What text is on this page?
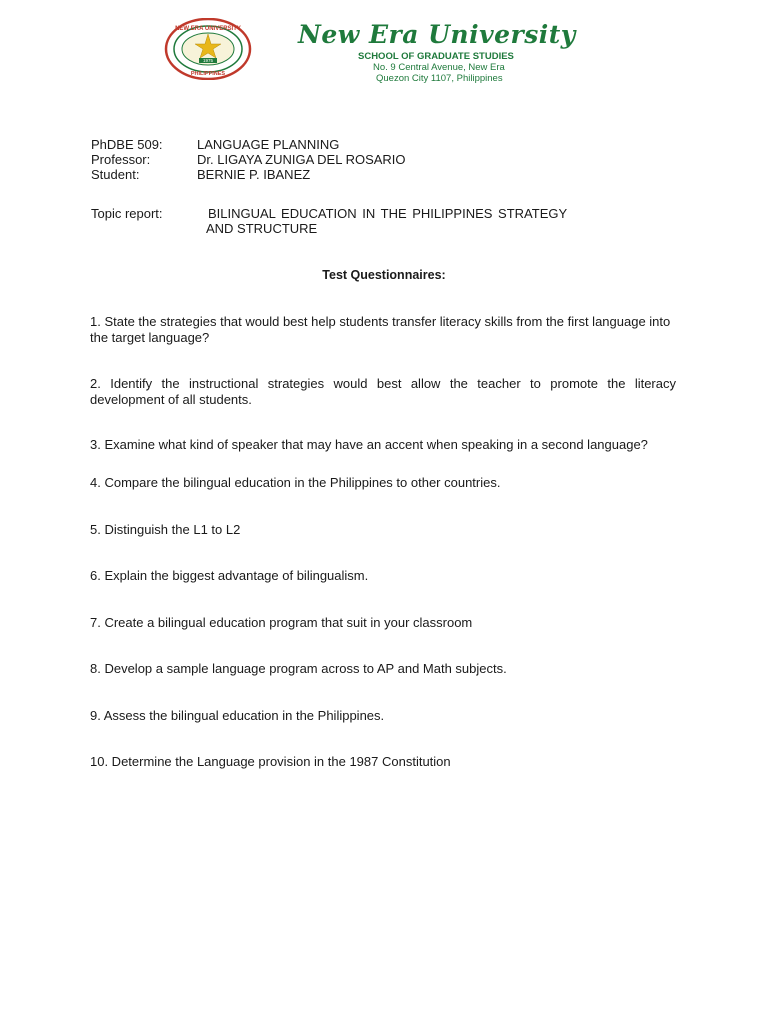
NEW ERA UNIVERSITY
PHILIPPINES
1975
New Era University
SCHOOL OF GRADUATE STUDIES
No. 9 Central Avenue, New Era
Quezon City 1107, Philippines
PhDBE 509:	LANGUAGE PLANNING
Professor:	Dr. LIGAYA ZUNIGA DEL ROSARIO
Student:	BERNIE P. IBANEZ
Topic report:	BILINGUAL EDUCATION IN THE PHILIPPINES STRATEGY
AND STRUCTURE
Test Questionnaires:
1. State the strategies that would best help students transfer literacy skills from the first language into the target language?
2. Identify the instructional strategies would best allow the teacher to promote the literacy development of all students.
3. Examine what kind of speaker that may have an accent when speaking in a second language?
4. Compare the bilingual education in the Philippines to other countries.
5. Distinguish the L1 to L2
6. Explain the biggest advantage of bilingualism.
7. Create a bilingual education program that suit in your classroom
8. Develop a sample language program across to AP and Math subjects.
9. Assess the bilingual education in the Philippines.
10. Determine the Language provision in the 1987 Constitution
